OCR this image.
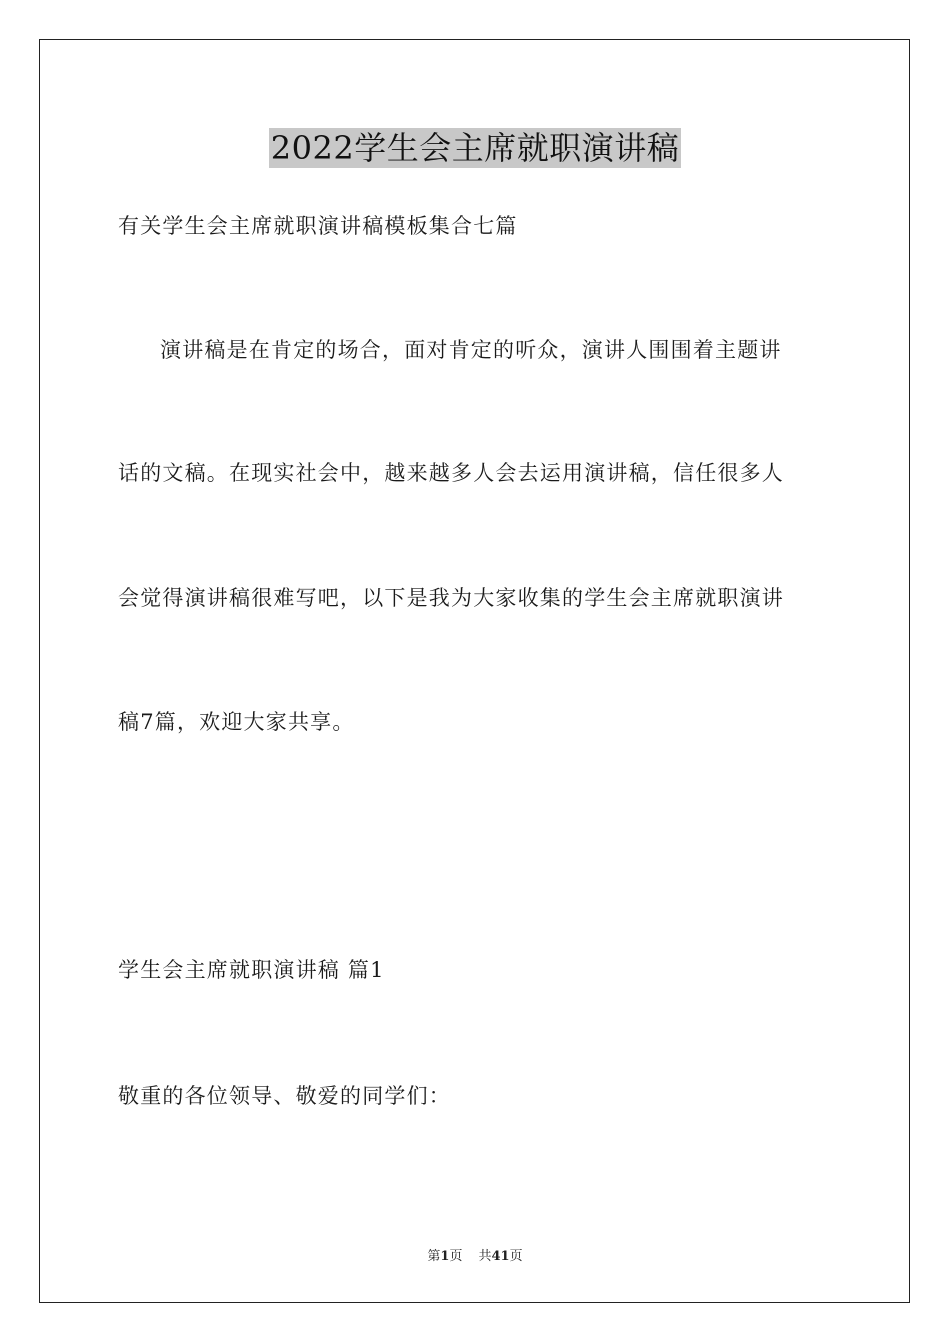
2022学生会主席就职演讲稿
有关学生会主席就职演讲稿模板集合七篇
演讲稿是在肯定的场合，面对肯定的听众，演讲人围围着主题讲
话的文稿。在现实社会中，越来越多人会去运用演讲稿，信任很多人
会觉得演讲稿很难写吧，以下是我为大家收集的学生会主席就职演讲
稿7篇，欢迎大家共享。
学生会主席就职演讲稿 篇1
敬重的各位领导、敬爱的同学们：
第1页 共41页
